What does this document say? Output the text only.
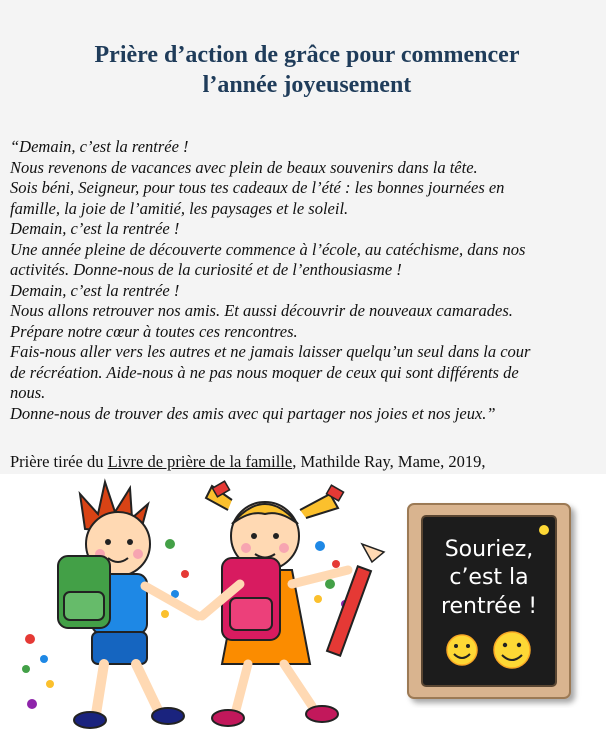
Prière d’action de grâce pour commencer
l’année joyeusement
“Demain, c’est la rentrée !
Nous revenons de vacances avec plein de beaux souvenirs dans la tête.
Sois béni, Seigneur, pour tous tes cadeaux de l’été : les bonnes journées en
famille, la joie de l’amitié, les paysages et le soleil.
Demain, c’est la rentrée !
Une année pleine de découverte commence à l’école, au catéchisme, dans nos
activités. Donne-nous de la curiosité et de l’enthousiasme !
Demain, c’est la rentrée !
Nous allons retrouver nos amis. Et aussi découvrir de nouveaux camarades.
Prépare notre cœur à toutes ces rencontres.
Fais-nous aller vers les autres et ne jamais laisser quelqu’un seul dans la cour
de récréation. Aide-nous à ne pas nous moquer de ceux qui sont différents de
nous.
Donne-nous de trouver des amis avec qui partager nos joies et nos jeux.”
Prière tirée du Livre de prière de la famille, Mathilde Ray, Mame, 2019,
Souriez,
c’est la
rentrée !
